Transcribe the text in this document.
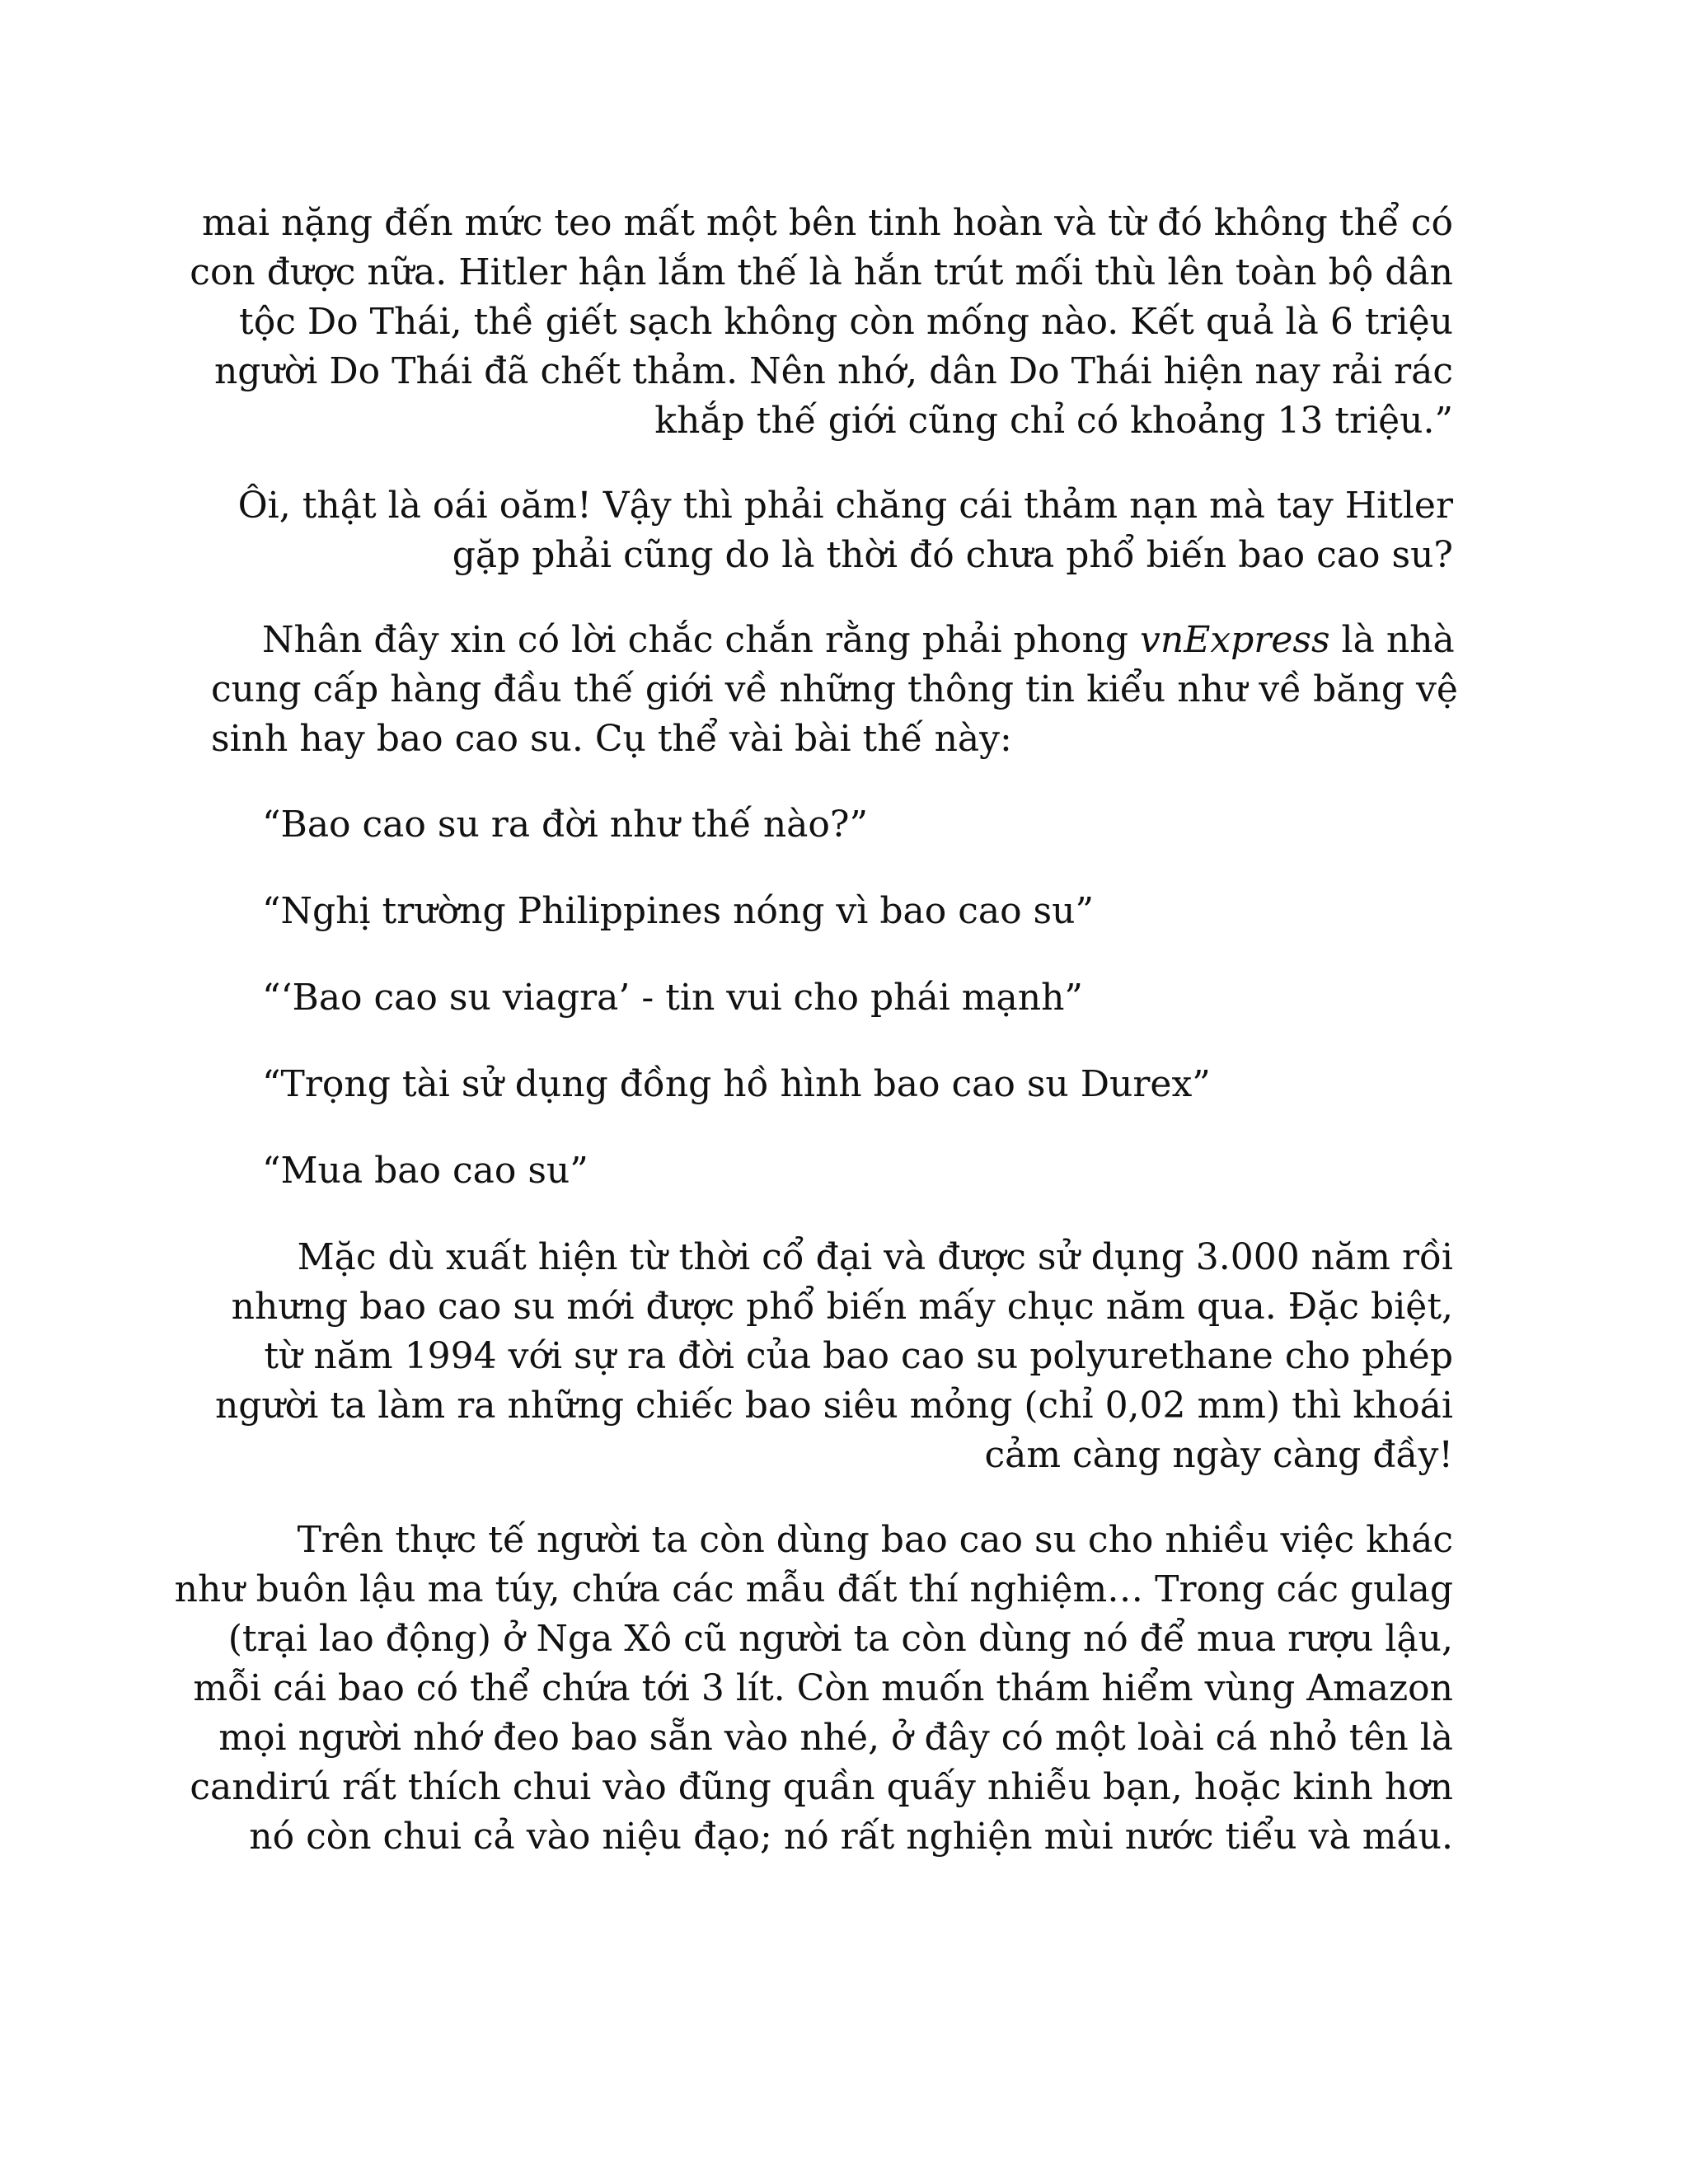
mai nặng đến mức teo mất một bên tinh hoàn và từ đó không thể có
con được nữa. Hitler hận lắm thế là hắn trút mối thù lên toàn bộ dân
tộc Do Thái, thề giết sạch không còn mống nào. Kết quả là 6 triệu
người Do Thái đã chết thảm. Nên nhớ, dân Do Thái hiện nay rải rác
khắp thế giới cũng chỉ có khoảng 13 triệu.”
Ôi, thật là oái oăm! Vậy thì phải chăng cái thảm nạn mà tay Hitler
gặp phải cũng do là thời đó chưa phổ biến bao cao su?
Nhân đây xin có lời chắc chắn rằng phải phong vnExpress là nhà
cung cấp hàng đầu thế giới về những thông tin kiểu như về băng vệ
sinh hay bao cao su. Cụ thể vài bài thế này:
“Bao cao su ra đời như thế nào?”
“Nghị trường Philippines nóng vì bao cao su”
“‘Bao cao su viagra’ - tin vui cho phái mạnh”
“Trọng tài sử dụng đồng hồ hình bao cao su Durex”
“Mua bao cao su”
Mặc dù xuất hiện từ thời cổ đại và được sử dụng 3.000 năm rồi
nhưng bao cao su mới được phổ biến mấy chục năm qua. Đặc biệt,
từ năm 1994 với sự ra đời của bao cao su polyurethane cho phép
người ta làm ra những chiếc bao siêu mỏng (chỉ 0,02 mm) thì khoái
cảm càng ngày càng đầy!
Trên thực tế người ta còn dùng bao cao su cho nhiều việc khác
như buôn lậu ma túy, chứa các mẫu đất thí nghiệm… Trong các gulag
(trại lao động) ở Nga Xô cũ người ta còn dùng nó để mua rượu lậu,
mỗi cái bao có thể chứa tới 3 lít. Còn muốn thám hiểm vùng Amazon
mọi người nhớ đeo bao sẵn vào nhé, ở đây có một loài cá nhỏ tên là
candirú rất thích chui vào đũng quần quấy nhiễu bạn, hoặc kinh hơn
nó còn chui cả vào niệu đạo; nó rất nghiện mùi nước tiểu và máu.
